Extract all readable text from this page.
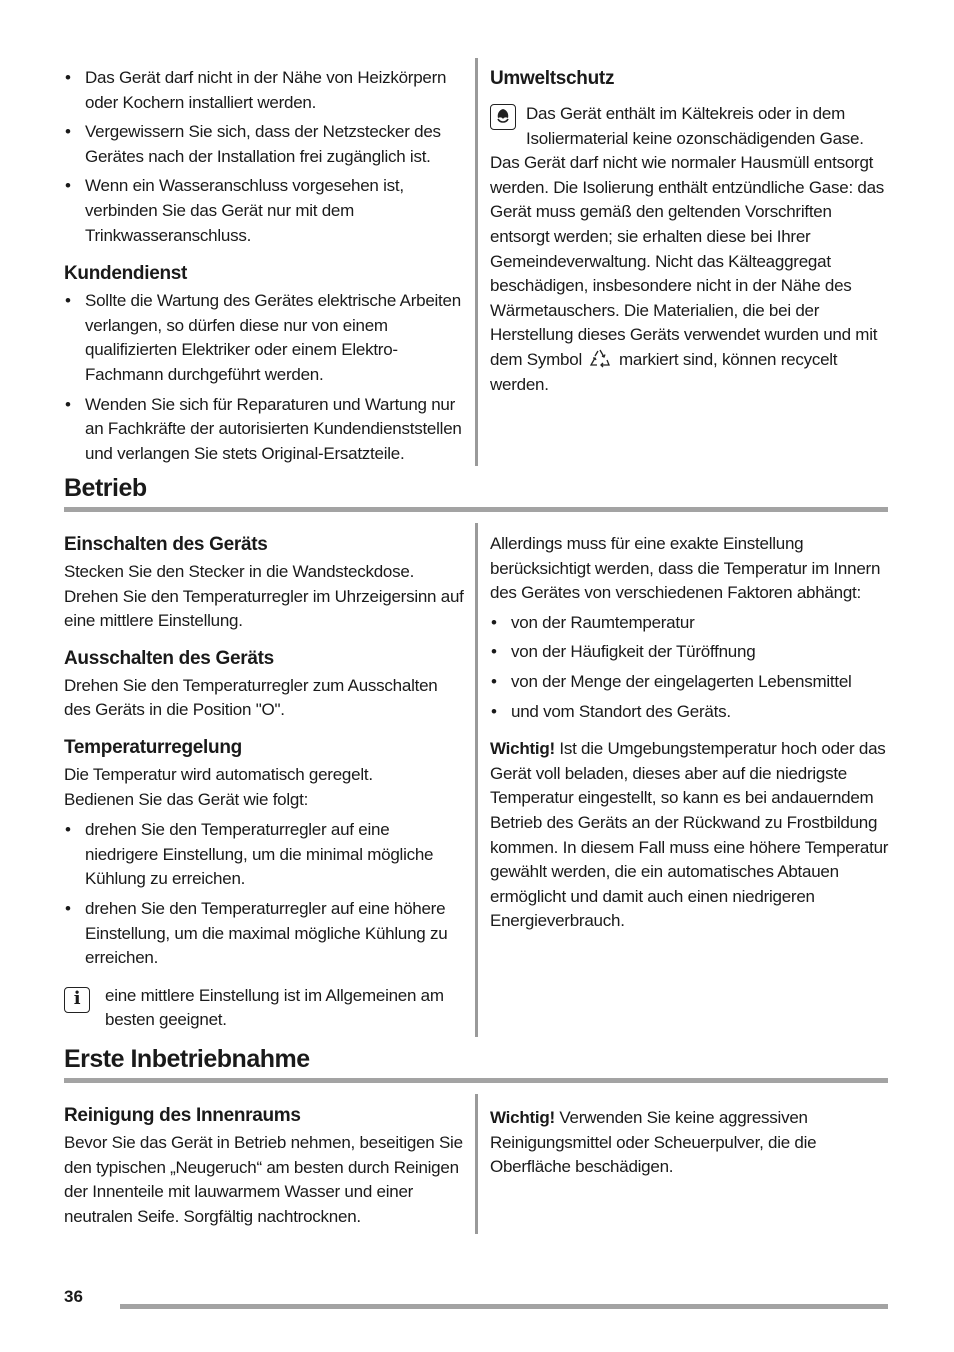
• Das Gerät darf nicht in der Nähe von Heizkörpern oder Kochern installiert werden.
• Vergewissern Sie sich, dass der Netzstecker des Gerätes nach der Installation frei zugänglich ist.
• Wenn ein Wasseranschluss vorgesehen ist, verbinden Sie das Gerät nur mit dem Trinkwasseranschluss.
Kundendienst
• Sollte die Wartung des Gerätes elektrische Arbeiten verlangen, so dürfen diese nur von einem qualifizierten Elektriker oder einem Elektro-Fachmann durchgeführt werden.
• Wenden Sie sich für Reparaturen und Wartung nur an Fachkräfte der autorisierten Kundendienststellen und verlangen Sie stets Original-Ersatzteile.
Umweltschutz

Das Gerät enthält im Kältekreis oder in dem Isoliermaterial keine ozonschädigenden Gase. Das Gerät darf nicht wie normaler Hausmüll entsorgt werden. Die Isolierung enthält entzündliche Gase: das Gerät muss gemäß den geltenden Vorschriften entsorgt werden; sie erhalten diese bei Ihrer Gemeindeverwaltung. Nicht das Kälteaggregat beschädigen, insbesondere nicht in der Nähe des Wärmetauschers. Die Materialien, die bei der Herstellung dieses Geräts verwendet wurden und mit dem Symbol markiert sind, können recycelt werden.

Betrieb
Einschalten des Geräts

Stecken Sie den Stecker in die Wandsteckdose.

Drehen Sie den Temperaturregler im Uhrzeigersinn auf eine mittlere Einstellung.

Ausschalten des Geräts

Drehen Sie den Temperaturregler zum Ausschalten des Geräts in die Position "O".

Temperaturregelung

Die Temperatur wird automatisch geregelt.

Bedienen Sie das Gerät wie folgt:

• drehen Sie den Temperaturregler auf eine niedrigere Einstellung, um die minimal mögliche Kühlung zu erreichen.
• drehen Sie den Temperaturregler auf eine höhere Einstellung, um die maximal mögliche Kühlung zu erreichen.
i	eine mittlere Einstellung ist im Allgemeinen am besten geeignet.

Allerdings muss für eine exakte Einstellung berücksichtigt werden, dass die Temperatur im Innern des Gerätes von verschiedenen Faktoren abhängt:

• von der Raumtemperatur
• von der Häufigkeit der Türöffnung
• von der Menge der eingelagerten Lebensmittel
• und vom Standort des Geräts.

Wichtig! Ist die Umgebungstemperatur hoch oder das Gerät voll beladen, dieses aber auf die niedrigste Temperatur eingestellt, so kann es bei andauerndem Betrieb des Geräts an der Rückwand zu Frostbildung kommen. In diesem Fall muss eine höhere Temperatur gewählt werden, die ein automatisches Abtauen ermöglicht und damit auch einen niedrigeren Energieverbrauch.

Erste Inbetriebnahme
Reinigung des Innenraums

Bevor Sie das Gerät in Betrieb nehmen, beseitigen Sie den typischen „Neugeruch“ am besten durch Reinigen der Innenteile mit lauwarmem Wasser und einer neutralen Seife. Sorgfältig nachtrocknen.

Wichtig! Verwenden Sie keine aggressiven Reinigungsmittel oder Scheuerpulver, die die Oberfläche beschädigen.

36
